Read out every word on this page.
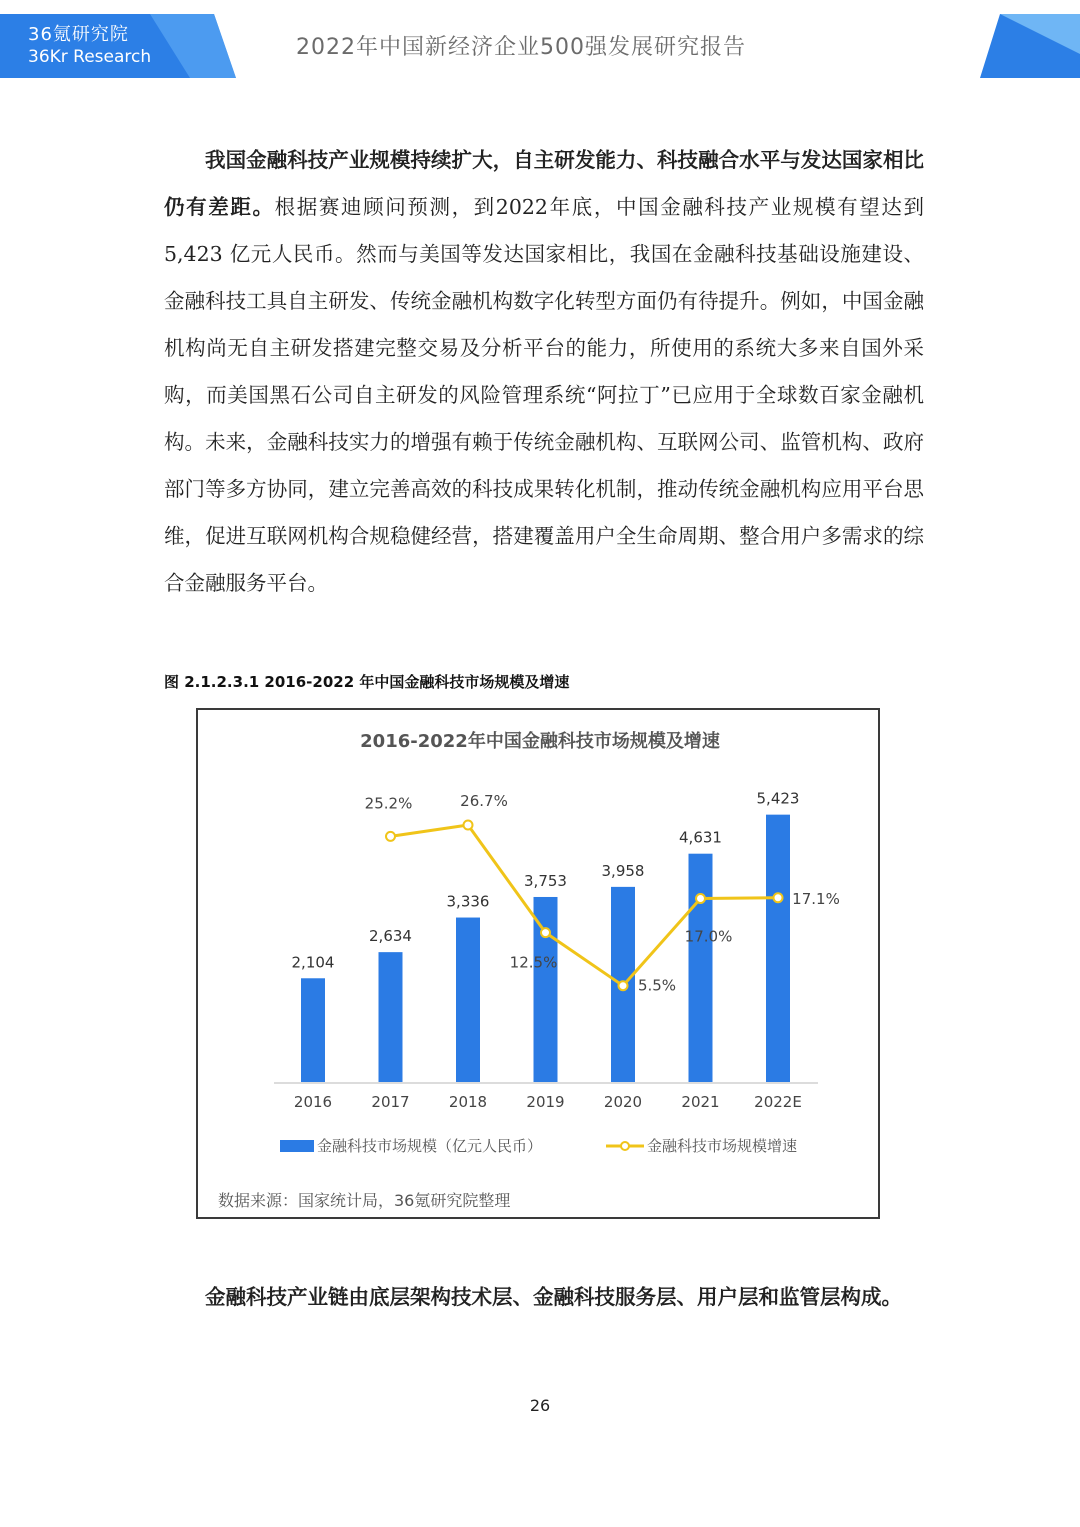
36氪研究院
36Kr Research	2022年中国新经济企业500强发展研究报告
我国金融科技产业规模持续扩大，自主研发能力、科技融合水平与发达国家相比仍有差距。根据赛迪顾问预测，到2022年底，中国金融科技产业规模有望达到 5,423 亿元人民币。然而与美国等发达国家相比，我国在金融科技基础设施建设、金融科技工具自主研发、传统金融机构数字化转型方面仍有待提升。例如，中国金融机构尚无自主研发搭建完整交易及分析平台的能力，所使用的系统大多来自国外采购，而美国黑石公司自主研发的风险管理系统“阿拉丁”已应用于全球数百家金融机构。未来，金融科技实力的增强有赖于传统金融机构、互联网公司、监管机构、政府部门等多方协同，建立完善高效的科技成果转化机制，推动传统金融机构应用平台思维，促进互联网机构合规稳健经营，搭建覆盖用户全生命周期、整合用户多需求的综合金融服务平台。
图 2.1.2.3.1 2016-2022 年中国金融科技市场规模及增速
2016-2022年中国金融科技市场规模及增速
2,104
2,634
3,336
3,753
3,958
4,631
5,423
25.2%	26.7%
12.5%
5.5%
17.0%
17.1%
2016	2017	2018	2019	2020	2021 2022E
金融科技市场规模（亿元人民币）	金融科技市场规模增速
数据来源：国家统计局，36氪研究院整理
金融科技产业链由底层架构技术层、金融科技服务层、用户层和监管层构成。
26
